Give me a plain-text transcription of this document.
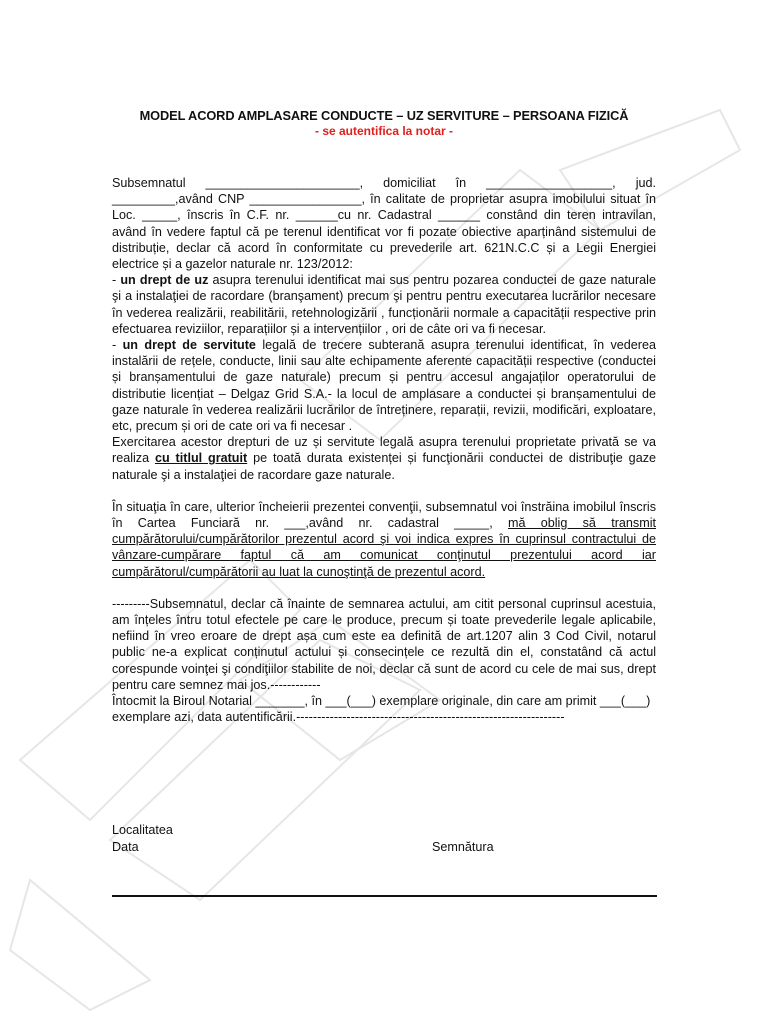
MODEL ACORD AMPLASARE CONDUCTE – UZ SERVITURE – PERSOANA FIZICĂ
- se autentifica la notar -

Subsemnatul ______________________, domiciliat în __________________, jud. _________,având CNP ________________, în calitate de proprietar asupra imobilului situat în Loc. _____, înscris în C.F. nr. ______cu nr. Cadastral ______ constând din teren intravilan, având în vedere faptul că pe terenul identificat vor fi pozate obiective aparținând sistemului de distribuție, declar că acord în conformitate cu prevederile art. 621N.C.C și a Legii Energiei electrice și a gazelor naturale nr. 123/2012:

- un drept de uz asupra terenului identificat mai sus pentru pozarea conductei de gaze naturale şi a instalaţiei de racordare (branşament) precum şi pentru pentru executarea lucrărilor necesare în vederea realizării, reabilitării, retehnologizării , funcționării normale a capacității respective prin efectuarea reviziilor, reparațiilor și a intervențiilor , ori de câte ori va fi necesar.

- un drept de servitute legală de trecere subterană asupra terenului identificat, în vederea instalării de rețele, conducte, linii sau alte echipamente aferente capacității respective (conductei și branșamentului de gaze naturale) precum și pentru accesul angajaților operatorului de distributie licențiat – Delgaz Grid S.A.- la locul de amplasare a conductei și branșamentului de gaze naturale în vederea realizării lucrărilor de întreținere, reparații, revizii, modificări, exploatare, etc, precum și ori de cate ori va fi necesar .

Exercitarea acestor drepturi de uz și servitute legală asupra terenului proprietate privată se va realiza cu titlul gratuit pe toată durata existenței și funcţionării conductei de distribuţie gaze naturale şi a instalaţiei de racordare gaze naturale.

În situaţia în care, ulterior încheierii prezentei convenţii, subsemnatul voi înstrăina imobilul înscris în Cartea Funciară nr. ___,având nr. cadastral _____, mă oblig să transmit cumpărătorului/cumpărătorilor prezentul acord şi voi indica expres în cuprinsul contractului de vânzare-cumpărare faptul că am comunicat conţinutul prezentului acord iar cumpărătorul/cumpărătorii au luat la cunoştinţă de prezentul acord.

---------Subsemnatul, declar că înainte de semnarea actului, am citit personal cuprinsul acestuia, am înțeles întru totul efectele pe care le produce, precum și toate prevederile legale aplicabile, nefiind în vreo eroare de drept așa cum este ea definită de art.1207 alin 3 Cod Civil, notarul public ne-a explicat conținutul actului și consecințele ce rezultă din el, constatând că actul corespunde voinţei şi condiţiilor stabilite de noi, declar că sunt de acord cu cele de mai sus, drept pentru care semnez mai jos.------------

Întocmit la Biroul Notarial _______, în ___(___) exemplare originale, din care am primit ___(___) exemplare azi, data autentificării.----------------------------------------------------------------

Localitatea
Data	Semnătura
